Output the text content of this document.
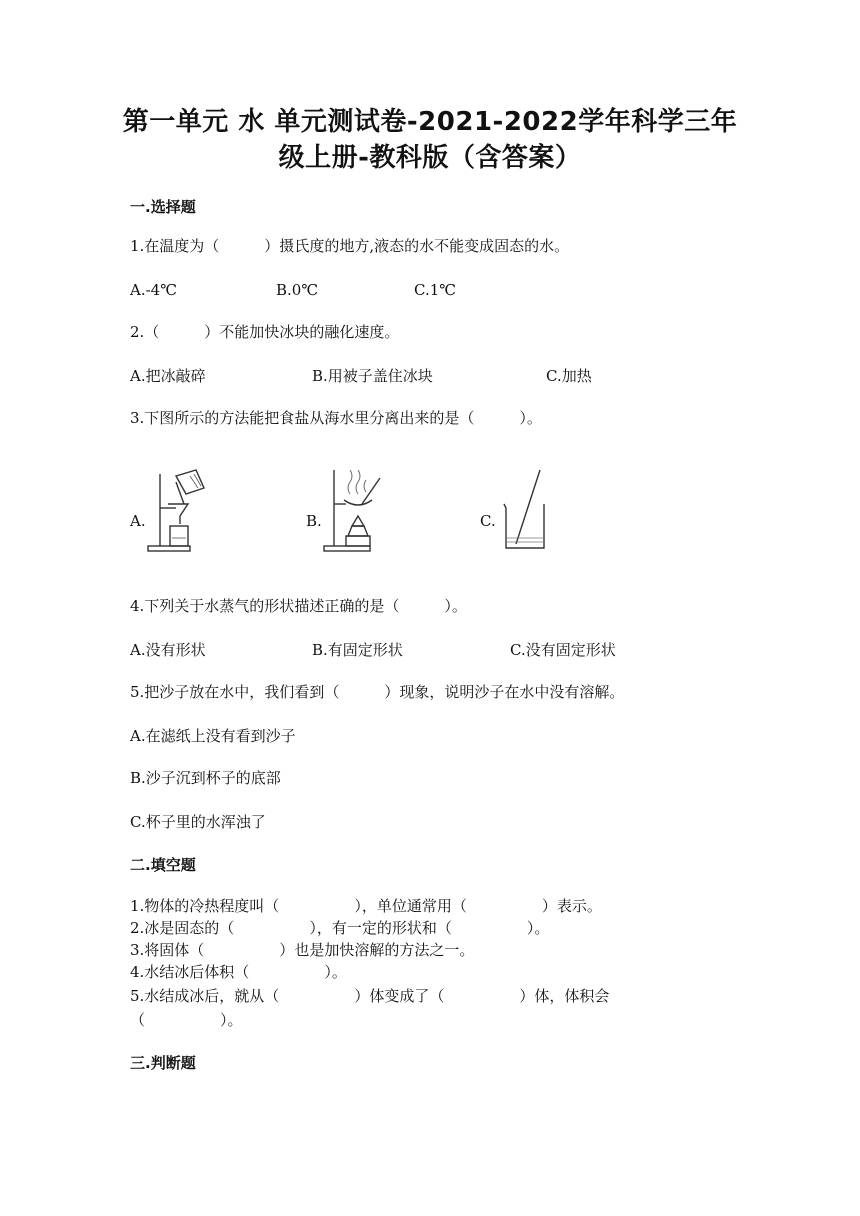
第一单元 水 单元测试卷-2021-2022学年科学三年
级上册-教科版（含答案）
一.选择题
1.在温度为（　　　）摄氏度的地方,液态的水不能变成固态的水。
A.-4℃	B.0℃	C.1℃
2.（　　　）不能加快冰块的融化速度。
A.把冰敲碎	B.用被子盖住冰块	C.加热
3.下图所示的方法能把食盐从海水里分离出来的是（　　　）。
A.	B.	C.
4.下列关于水蒸气的形状描述正确的是（　　　）。
A.没有形状	B.有固定形状	C.没有固定形状
5.把沙子放在水中，我们看到（　　　）现象，说明沙子在水中没有溶解。
A.在滤纸上没有看到沙子
B.沙子沉到杯子的底部
C.杯子里的水浑浊了
二.填空题
1.物体的冷热程度叫（　　　　　），单位通常用（　　　　　）表示。
2.冰是固态的（　　　　　），有一定的形状和（　　　　　）。
3.将固体（　　　　　）也是加快溶解的方法之一。
4.水结冰后体积（　　　　　）。
5.水结成冰后，就从（　　　　　）体变成了（　　　　　）体，体积会
（　　　　　）。
三.判断题
